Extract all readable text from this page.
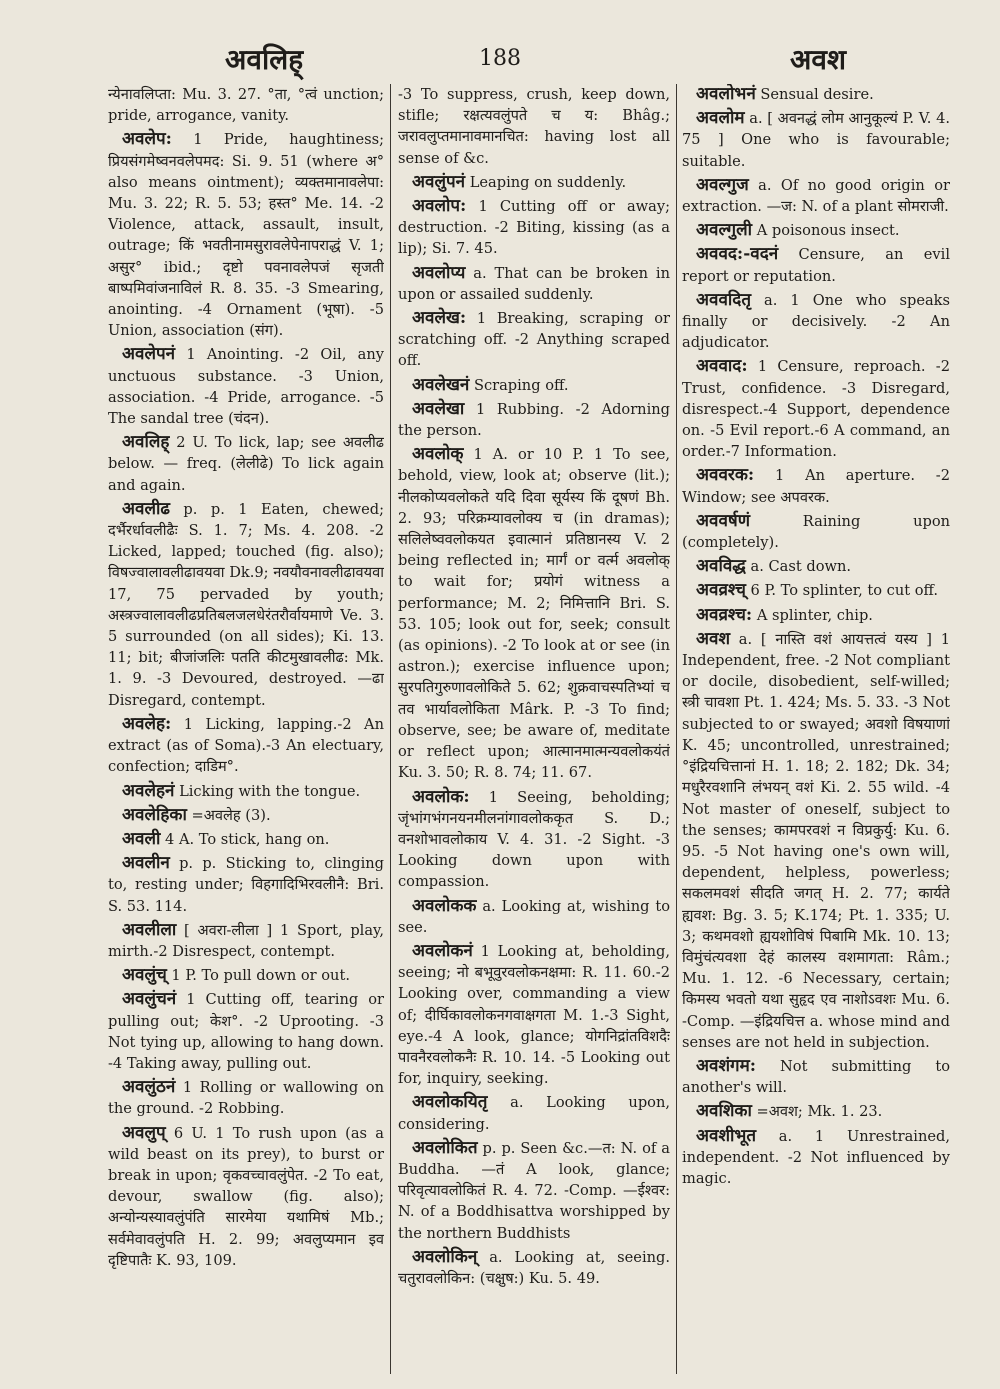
अवलिह्	188	अवश

न्येनावलिप्ता: Mu. 3. 27. °ता, °त्वं unction; pride, arrogance, vanity.

अवलेप: 1 Pride, haughtiness; प्रियसंगमेष्वनवलेपमद: Si. 9. 51 (where अ° also means ointment); व्यक्तमानावलेपा: Mu. 3. 22; R. 5. 53; हस्त° Me. 14. -2 Violence, attack, assault, insult, outrage; किं भवतीनामसुरावलेपेनापराद्धं V. 1; असुर° ibid.; दृष्टो पवनावलेपजं सृजती बाष्पमिवांजनाविलं R. 8. 35. -3 Smearing, anointing. -4 Ornament (भूषा). -5 Union, association (संग).

अवलेपनं 1 Anointing. -2 Oil, any unctuous substance. -3 Union, association. -4 Pride, arrogance. -5 The sandal tree (चंदन).

अवलिह् 2 U. To lick, lap; see अवलीढ below. — freq. (लेलीढे) To lick again and again.

अवलीढ p. p. 1 Eaten, chewed; दर्भैरर्धावलीढैः S. 1. 7; Ms. 4. 208. -2 Licked, lapped; touched (fig. also); विषज्वालावलीढावयवा Dk.9; नवयौवनावलीढावयवा 17, 75 pervaded by youth; अस्त्रज्वालावलीढप्रतिबलजलधेरंतरौर्वायमाणे Ve. 3. 5 surrounded (on all sides); Ki. 13. 11; bit; बीजांजलिः पतति कीटमुखावलीढ: Mk. 1. 9. -3 Devoured, destroyed. —ढा Disregard, contempt.

अवलेह: 1 Licking, lapping.-2 An extract (as of Soma).-3 An electuary, confection; दाडिम°.

अवलेहनं Licking with the tongue.

अवलेहिका =अवलेह (3).

अवली 4 A. To stick, hang on.

अवलीन p. p. Sticking to, clinging to, resting under; विहगादिभिरवलीनै: Bri. S. 53. 114.

अवलीला [ अवरा-लीला ] 1 Sport, play, mirth.-2 Disrespect, contempt.

अवलुंच् 1 P. To pull down or out.

अवलुंचनं 1 Cutting off, tearing or pulling out; केश°. -2 Uprooting. -3 Not tying up, allowing to hang down. -4 Taking away, pulling out.

अवलुंठनं 1 Rolling or wallowing on the ground. -2 Robbing.

अवलुप् 6 U. 1 To rush upon (as a wild beast on its prey), to burst or break in upon; वृकवच्चावलुंपेत. -2 To eat, devour, swallow (fig. also); अन्योन्यस्यावलुंपंति सारमेया यथामिषं Mb.; सर्वमेवावलुंपति H. 2. 99; अवलुप्यमान इव दृष्टिपातैः K. 93, 109.

-3 To suppress, crush, keep down, stifle; रक्षत्यवलुंपते च य: Bhâg.; जरावलुप्तमानावमानचित: having lost all sense of &c.

अवलुंपनं Leaping on suddenly.

अवलोप: 1 Cutting off or away; destruction. -2 Biting, kissing (as a lip); Si. 7. 45.

अवलोप्य a. That can be broken in upon or assailed suddenly.

अवलेख: 1 Breaking, scraping or scratching off. -2 Anything scraped off.

अवलेखनं Scraping off.

अवलेखा 1 Rubbing. -2 Adorning the person.

अवलोक् 1 A. or 10 P. 1 To see, behold, view, look at; observe (lit.); नीलकोप्यवलोकते यदि दिवा सूर्यस्य किं दूषणं Bh. 2. 93; परिक्रम्यावलोक्य च (in dramas); सलिलेष्ववलोकयत इवात्मानं प्रतिष्ठानस्य V. 2 being reflected in; मार्गं or वर्त्म अवलोक् to wait for; प्रयोगं witness a performance; M. 2; निमित्तानि Bri. S. 53. 105; look out for, seek; consult (as opinions). -2 To look at or see (in astron.); exercise influence upon; सुरपतिगुरुणावलोकिते 5. 62; शुक्रवाचस्पतिभ्यां च तव भार्यावलोकिता Mârk. P. -3 To find; observe, see; be aware of, meditate or reflect upon; आत्मानमात्मन्यवलोकयंतं Ku. 3. 50; R. 8. 74; 11. 67.

अवलोक: 1 Seeing, beholding; जृंभांगभंगनयनमीलनांगावलोककृत S. D.; वनशोभावलोकाय V. 4. 31. -2 Sight. -3 Looking down upon with compassion.

अवलोकक a. Looking at, wishing to see.

अवलोकनं 1 Looking at, beholding, seeing; नो बभूवुरवलोकनक्षमा: R. 11. 60.-2 Looking over, commanding a view of; दीर्घिकावलोकनगवाक्षगता M. 1.-3 Sight, eye.-4 A look, glance; योगनिद्रांतविशदैः पावनैरवलोकनैः R. 10. 14. -5 Looking out for, inquiry, seeking.

अवलोकयितृ a. Looking upon, considering.

अवलोकित p. p. Seen &c.—त: N. of a Buddha. —तं A look, glance; परिवृत्यावलोकितं R. 4. 72. -Comp. —ईश्वर: N. of a Boddhisattva worshipped by the northern Buddhists

अवलोकिन् a. Looking at, seeing. चतुरावलोकिन: (चक्षुष:) Ku. 5. 49.

अवलोभनं Sensual desire.

अवलोम a. [ अवनद्धं लोम आनुकूल्यं P. V. 4. 75 ] One who is favourable; suitable.

अवल्गुज a. Of no good origin or extraction. —ज: N. of a plant सोमराजी.

अवल्गुली A poisonous insect.

अववद:-वदनं Censure, an evil report or reputation.

अववदितृ a. 1 One who speaks finally or decisively. -2 An adjudicator.

अववाद: 1 Censure, reproach. -2 Trust, confidence. -3 Disregard, disrespect.-4 Support, dependence on. -5 Evil report.-6 A command, an order.-7 Information.

अववरक: 1 An aperture. -2 Window; see अपवरक.

अववर्षणं Raining upon (completely).

अवविद्ध a. Cast down.

अवव्रश्च् 6 P. To splinter, to cut off.

अवव्रश्च: A splinter, chip.

अवश a. [ नास्ति वशं आयत्तत्वं यस्य ] 1 Independent, free. -2 Not compliant or docile, disobedient, self-willed; स्त्री चावशा Pt. 1. 424; Ms. 5. 33. -3 Not subjected to or swayed; अवशो विषयाणां K. 45; uncontrolled, unrestrained; °इंद्रियचित्तानां H. 1. 18; 2. 182; Dk. 34; मधुरैरवशानि लंभयन् वशं Ki. 2. 55 wild. -4 Not master of oneself, subject to the senses; कामपरवशं न विप्रकुर्यु: Ku. 6. 95. -5 Not having one's own will, dependent, helpless, powerless; सकलमवशं सीदति जगत् H. 2. 77; कार्यते ह्यवश: Bg. 3. 5; K.174; Pt. 1. 335; U. 3; कथमवशो ह्ययशोविषं पिबामि Mk. 10. 13; विमुंचंत्यवशा देहं कालस्य वशमागता: Râm.; Mu. 1. 12. -6 Necessary, certain; किमस्य भवतो यथा सुहृद एव नाशोऽवशः Mu. 6. -Comp. —इंद्रियचित्त a. whose mind and senses are not held in subjection.

अवशंगम: Not submitting to another's will.

अवशिका =अवश; Mk. 1. 23.

अवशीभूत a. 1 Unrestrained, independent. -2 Not influenced by magic.
